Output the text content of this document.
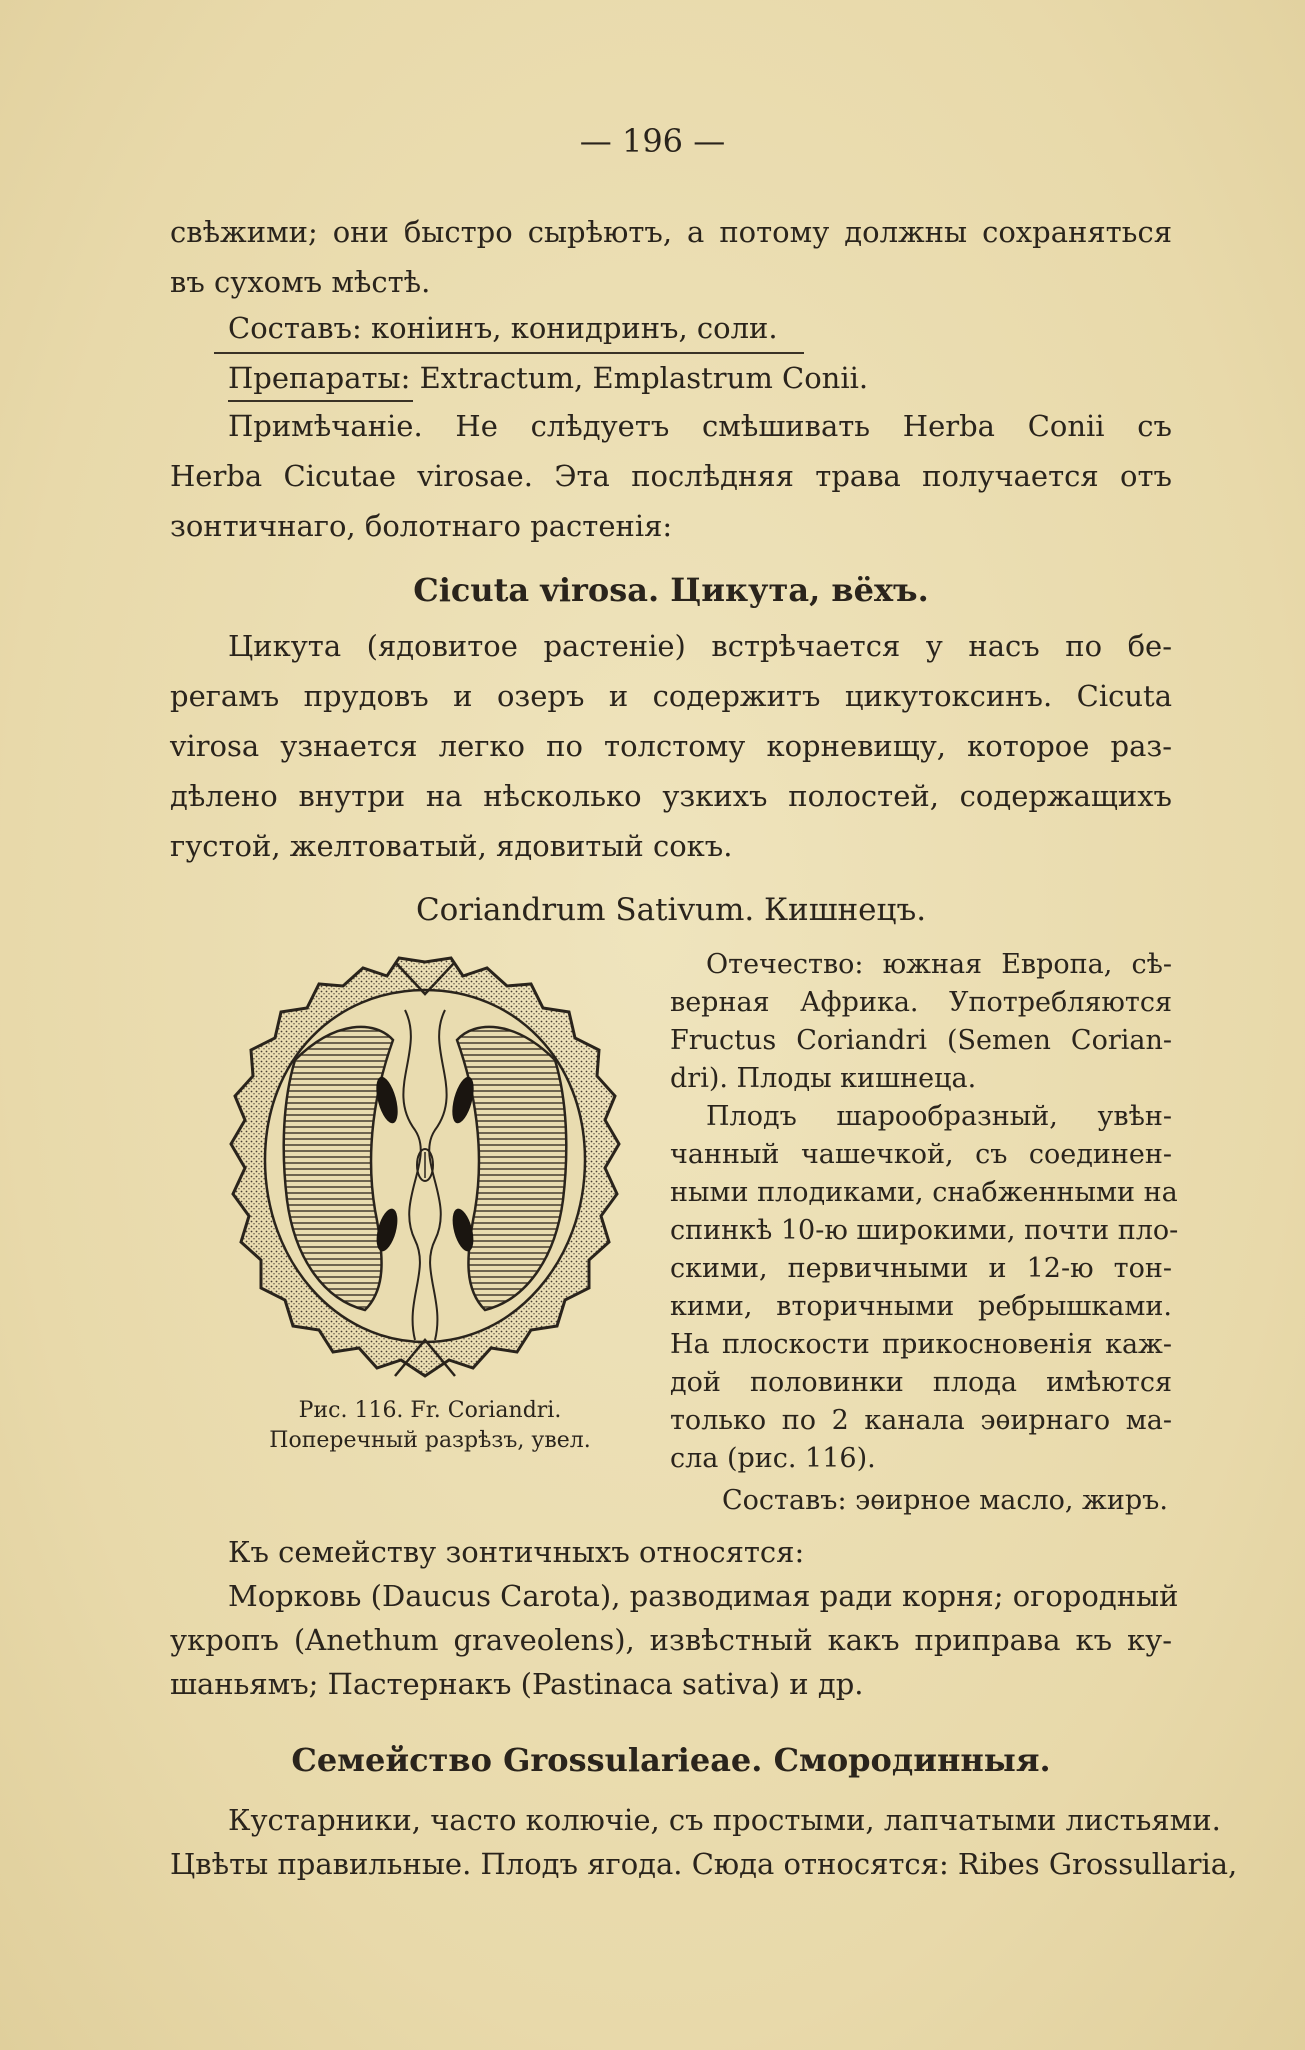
— 196 —
свѣжими; они быстро сырѣютъ, а потому должны сохраняться
въ сухомъ мѣстѣ.
Составъ: коніинъ, конидринъ, соли.
Препараты: Extractum, Emplastrum Conii.
Примѣчаніе. Не слѣдуетъ смѣшивать Herba Conii съ
Herba Cicutae virosae. Эта послѣдняя трава получается отъ
зонтичнаго, болотнаго растенія:
Cicuta virosa. Цикута, вёхъ.
Цикута (ядовитое растеніе) встрѣчается у насъ по бе-
регамъ прудовъ и озеръ и содержитъ цикутоксинъ. Cicuta
virosa узнается легко по толстому корневищу, которое раз-
дѣлено внутри на нѣсколько узкихъ полостей, содержащихъ
густой, желтоватый, ядовитый сокъ.
Coriandrum Sativum. Кишнецъ.
Отечество: южная Европа, сѣ-
верная Африка. Употребляются
Fructus Coriandri (Semen Corian-
dri). Плоды кишнеца.
Плодъ шарообразный, увѣн-
чанный чашечкой, съ соединен-
ными плодиками, снабженными на
спинкѣ 10-ю широкими, почти пло-
скими, первичными и 12-ю тон-
кими, вторичными ребрышками.
На плоскости прикосновенія каж-
дой половинки плода имѣются
только по 2 канала эѳирнаго ма-
сла (рис. 116).
Составъ: эѳирное масло, жиръ.
Рис. 116. Fr. Coriandri.
Поперечный разрѣзъ, увел.
Къ семейству зонтичныхъ относятся:
Морковь (Daucus Carota), разводимая ради корня; огородный
укропъ (Anethum graveolens), извѣстный какъ приправа къ ку-
шаньямъ; Пастернакъ (Pastinaca sativa) и др.
Семейство Grossularieae. Смородинныя.
Кустарники, часто колючіе, съ простыми, лапчатыми листьями.
Цвѣты правильные. Плодъ ягода. Сюда относятся: Ribes Grossullaria,
